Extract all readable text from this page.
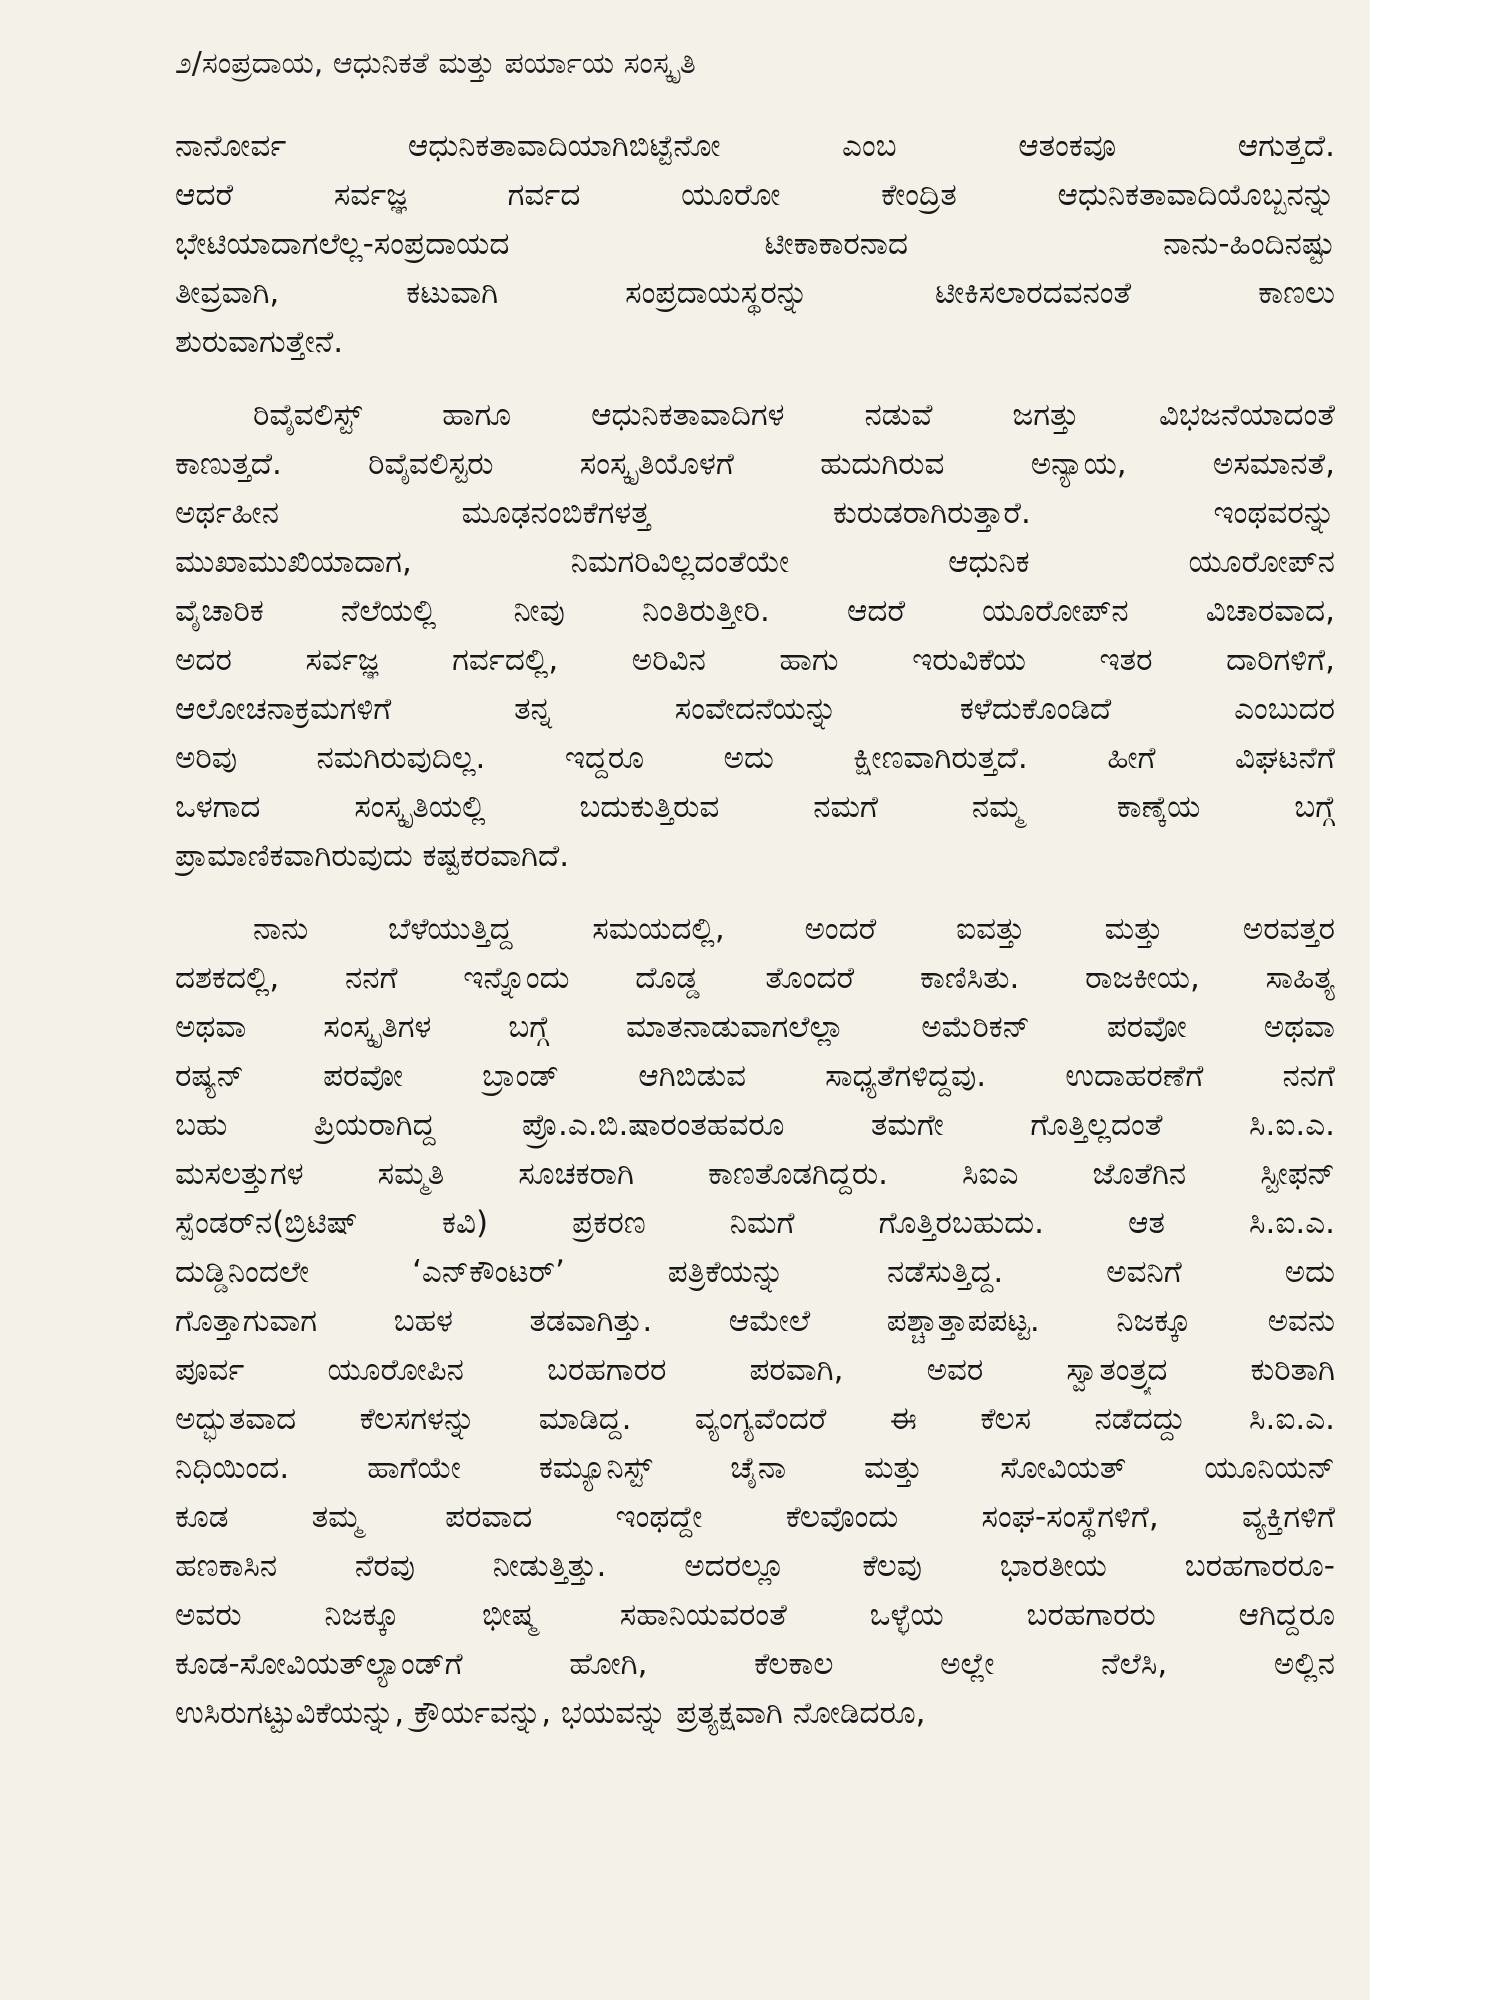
೨/ಸಂಪ್ರದಾಯ, ಆಧುನಿಕತೆ ಮತ್ತು ಪರ್ಯಾಯ ಸಂಸ್ಕೃತಿ
ನಾನೋರ್ವ ಆಧುನಿಕತಾವಾದಿಯಾಗಿಬಿಟ್ಟೆನೋ ಎಂಬ ಆತಂಕವೂ ಆಗುತ್ತದೆ.
ಆದರೆ ಸರ್ವಜ್ಞ ಗರ್ವದ ಯೂರೋ ಕೇಂದ್ರಿತ ಆಧುನಿಕತಾವಾದಿಯೊಬ್ಬನನ್ನು
ಭೇಟಿಯಾದಾಗಲೆಲ್ಲ-ಸಂಪ್ರದಾಯದ ಟೀಕಾಕಾರನಾದ ನಾನು-ಹಿಂದಿನಷ್ಟು
ತೀವ್ರವಾಗಿ, ಕಟುವಾಗಿ ಸಂಪ್ರದಾಯಸ್ಥರನ್ನು ಟೀಕಿಸಲಾರದವನಂತೆ ಕಾಣಲು
ಶುರುವಾಗುತ್ತೇನೆ.
ರಿವೈವಲಿಸ್ಟ್ ಹಾಗೂ ಆಧುನಿಕತಾವಾದಿಗಳ ನಡುವೆ ಜಗತ್ತು ವಿಭಜನೆಯಾದಂತೆ
ಕಾಣುತ್ತದೆ. ರಿವೈವಲಿಸ್ಟರು ಸಂಸ್ಕೃತಿಯೊಳಗೆ ಹುದುಗಿರುವ ಅನ್ಯಾಯ, ಅಸಮಾನತೆ,
ಅರ್ಥಹೀನ ಮೂಢನಂಬಿಕೆಗಳತ್ತ ಕುರುಡರಾಗಿರುತ್ತಾರೆ. ಇಂಥವರನ್ನು
ಮುಖಾಮುಖಿಯಾದಾಗ, ನಿಮಗರಿವಿಲ್ಲದಂತೆಯೇ ಆಧುನಿಕ ಯೂರೋಪ್‌ನ
ವೈಚಾರಿಕ ನೆಲೆಯಲ್ಲಿ ನೀವು ನಿಂತಿರುತ್ತೀರಿ. ಆದರೆ ಯೂರೋಪ್‌ನ ವಿಚಾರವಾದ,
ಅದರ ಸರ್ವಜ್ಞ ಗರ್ವದಲ್ಲಿ, ಅರಿವಿನ ಹಾಗು ಇರುವಿಕೆಯ ಇತರ ದಾರಿಗಳಿಗೆ,
ಆಲೋಚನಾಕ್ರಮಗಳಿಗೆ ತನ್ನ ಸಂವೇದನೆಯನ್ನು ಕಳೆದುಕೊಂಡಿದೆ ಎಂಬುದರ
ಅರಿವು ನಮಗಿರುವುದಿಲ್ಲ. ಇದ್ದರೂ ಅದು ಕ್ಷೀಣವಾಗಿರುತ್ತದೆ. ಹೀಗೆ ವಿಘಟನೆಗೆ
ಒಳಗಾದ ಸಂಸ್ಕೃತಿಯಲ್ಲಿ ಬದುಕುತ್ತಿರುವ ನಮಗೆ ನಮ್ಮ ಕಾಣ್ಕೆಯ ಬಗ್ಗೆ
ಪ್ರಾಮಾಣಿಕವಾಗಿರುವುದು ಕಷ್ಟಕರವಾಗಿದೆ.
ನಾನು ಬೆಳೆಯುತ್ತಿದ್ದ ಸಮಯದಲ್ಲಿ, ಅಂದರೆ ಐವತ್ತು ಮತ್ತು ಅರವತ್ತರ
ದಶಕದಲ್ಲಿ, ನನಗೆ ಇನ್ನೊಂದು ದೊಡ್ಡ ತೊಂದರೆ ಕಾಣಿಸಿತು. ರಾಜಕೀಯ, ಸಾಹಿತ್ಯ
ಅಥವಾ ಸಂಸ್ಕೃತಿಗಳ ಬಗ್ಗೆ ಮಾತನಾಡುವಾಗಲೆಲ್ಲಾ ಅಮೆರಿಕನ್ ಪರವೋ ಅಥವಾ
ರಷ್ಯನ್ ಪರವೋ ಬ್ರಾಂಡ್ ಆಗಿಬಿಡುವ ಸಾಧ್ಯತೆಗಳಿದ್ದವು. ಉದಾಹರಣೆಗೆ ನನಗೆ
ಬಹು ಪ್ರಿಯರಾಗಿದ್ದ ಪ್ರೊ.ಎ.ಬಿ.ಷಾರಂತಹವರೂ ತಮಗೇ ಗೊತ್ತಿಲ್ಲದಂತೆ ಸಿ.ಐ.ಎ.
ಮಸಲತ್ತುಗಳ ಸಮ್ಮತಿ ಸೂಚಕರಾಗಿ ಕಾಣತೊಡಗಿದ್ದರು. ಸಿಐಎ ಜೊತೆಗಿನ ಸ್ಟೀಫನ್
ಸ್ಪೆಂಡರ್‌ನ(ಬ್ರಿಟಿಷ್ ಕವಿ) ಪ್ರಕರಣ ನಿಮಗೆ ಗೊತ್ತಿರಬಹುದು. ಆತ ಸಿ.ಐ.ಎ.
ದುಡ್ಡಿನಿಂದಲೇ ‘ಎನ್‌ಕೌಂಟರ್’ ಪತ್ರಿಕೆಯನ್ನು ನಡೆಸುತ್ತಿದ್ದ. ಅವನಿಗೆ ಅದು
ಗೊತ್ತಾಗುವಾಗ ಬಹಳ ತಡವಾಗಿತ್ತು. ಆಮೇಲೆ ಪಶ್ಚಾತ್ತಾಪಪಟ್ಟ. ನಿಜಕ್ಕೂ ಅವನು
ಪೂರ್ವ ಯೂರೋಪಿನ ಬರಹಗಾರರ ಪರವಾಗಿ, ಅವರ ಸ್ವಾತಂತ್ರ್ಯದ ಕುರಿತಾಗಿ
ಅದ್ಭುತವಾದ ಕೆಲಸಗಳನ್ನು ಮಾಡಿದ್ದ. ವ್ಯಂಗ್ಯವೆಂದರೆ ಈ ಕೆಲಸ ನಡೆದದ್ದು ಸಿ.ಐ.ಎ.
ನಿಧಿಯಿಂದ. ಹಾಗೆಯೇ ಕಮ್ಯೂನಿಸ್ಟ್ ಚೈನಾ ಮತ್ತು ಸೋವಿಯತ್ ಯೂನಿಯನ್
ಕೂಡ ತಮ್ಮ ಪರವಾದ ಇಂಥದ್ದೇ ಕೆಲವೊಂದು ಸಂಘ-ಸಂಸ್ಥೆಗಳಿಗೆ, ವ್ಯಕ್ತಿಗಳಿಗೆ
ಹಣಕಾಸಿನ ನೆರವು ನೀಡುತ್ತಿತ್ತು. ಅದರಲ್ಲೂ ಕೆಲವು ಭಾರತೀಯ ಬರಹಗಾರರೂ-
ಅವರು ನಿಜಕ್ಕೂ ಭೀಷ್ಮ ಸಹಾನಿಯವರಂತೆ ಒಳ್ಳೆಯ ಬರಹಗಾರರು ಆಗಿದ್ದರೂ
ಕೂಡ-ಸೋವಿಯತ್‌ಲ್ಯಾಂಡ್‌ಗೆ ಹೋಗಿ, ಕೆಲಕಾಲ ಅಲ್ಲೇ ನೆಲೆಸಿ, ಅಲ್ಲಿನ
ಉಸಿರುಗಟ್ಟುವಿಕೆಯನ್ನು, ಕ್ರೌರ್ಯವನ್ನು, ಭಯವನ್ನು ಪ್ರತ್ಯಕ್ಷವಾಗಿ ನೋಡಿದರೂ,
